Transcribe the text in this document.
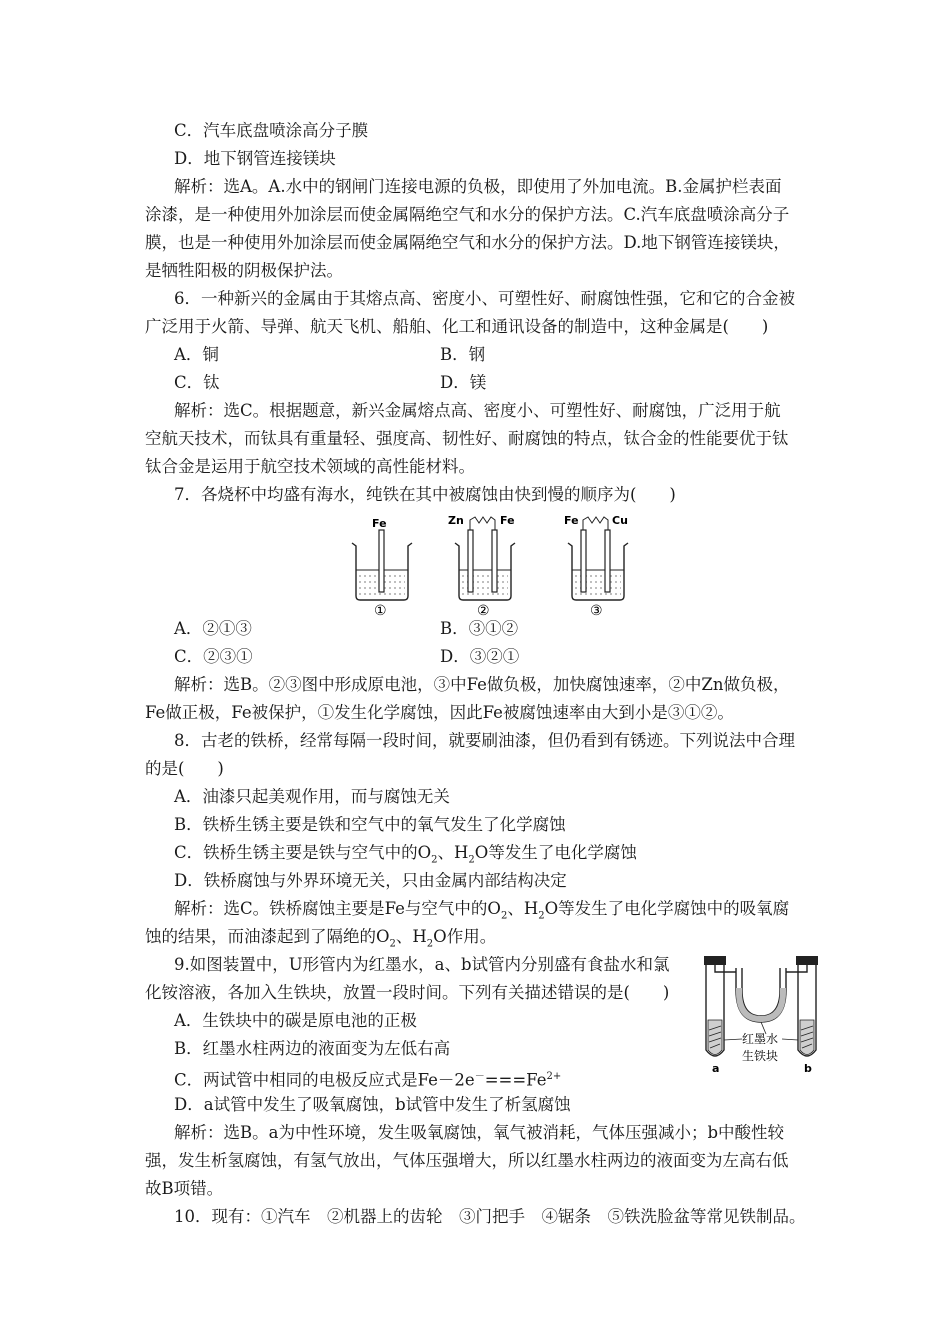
C．汽车底盘喷涂高分子膜
D．地下钢管连接镁块
解析：选A。A.水中的钢闸门连接电源的负极，即使用了外加电流。B.金属护栏表面
涂漆，是一种使用外加涂层而使金属隔绝空气和水分的保护方法。C.汽车底盘喷涂高分子
膜，也是一种使用外加涂层而使金属隔绝空气和水分的保护方法。D.地下钢管连接镁块，
是牺牲阳极的阴极保护法。
6．一种新兴的金属由于其熔点高、密度小、可塑性好、耐腐蚀性强，它和它的合金被
广泛用于火箭、导弹、航天飞机、船舶、化工和通讯设备的制造中，这种金属是(　　)
A．铜	B．钢
C．钛	D．镁
解析：选C。根据题意，新兴金属熔点高、密度小、可塑性好、耐腐蚀，广泛用于航
空航天技术，而钛具有重量轻、强度高、韧性好、耐腐蚀的特点，钛合金的性能要优于钛
钛合金是运用于航空技术领域的高性能材料。
7．各烧杯中均盛有海水，纯铁在其中被腐蚀由快到慢的顺序为(　　)
Fe
①
Zn	Fe
②
Fe	Cu
③
A．②①③	B．③①②
C．②③①	D．③②①
解析：选B。②③图中形成原电池，③中Fe做负极，加快腐蚀速率，②中Zn做负极，
Fe做正极，Fe被保护，①发生化学腐蚀，因此Fe被腐蚀速率由大到小是③①②。
8．古老的铁桥，经常每隔一段时间，就要刷油漆，但仍看到有锈迹。下列说法中合理
的是(　　)
A．油漆只起美观作用，而与腐蚀无关
B．铁桥生锈主要是铁和空气中的氧气发生了化学腐蚀
C．铁桥生锈主要是铁与空气中的$O_2$、$H_2O$等发生了电化学腐蚀
D．铁桥腐蚀与外界环境无关，只由金属内部结构决定
解析：选C。铁桥腐蚀主要是Fe与空气中的$O_2$、$H_2O$等发生了电化学腐蚀中的吸氧腐
蚀的结果，而油漆起到了隔绝的$O_2$、$H_2O$作用。
9.如图装置中，U形管内为红墨水，a、b试管内分别盛有食盐水和氯
化铵溶液，各加入生铁块，放置一段时间。下列有关描述错误的是(　　)
A．生铁块中的碳是原电池的正极
B．红墨水柱两边的液面变为左低右高
C．两试管中相同的电极反应式是$Fe-2e^-===Fe^{2+}$
D．a试管中发生了吸氧腐蚀，b试管中发生了析氢腐蚀
红墨水
生铁块
a	b
解析：选B。a为中性环境，发生吸氧腐蚀，氧气被消耗，气体压强减小；b中酸性较
强，发生析氢腐蚀，有氢气放出，气体压强增大，所以红墨水柱两边的液面变为左高右低
故B项错。
10．现有：①汽车　②机器上的齿轮　③门把手　④锯条　⑤铁洗脸盆等常见铁制品。
